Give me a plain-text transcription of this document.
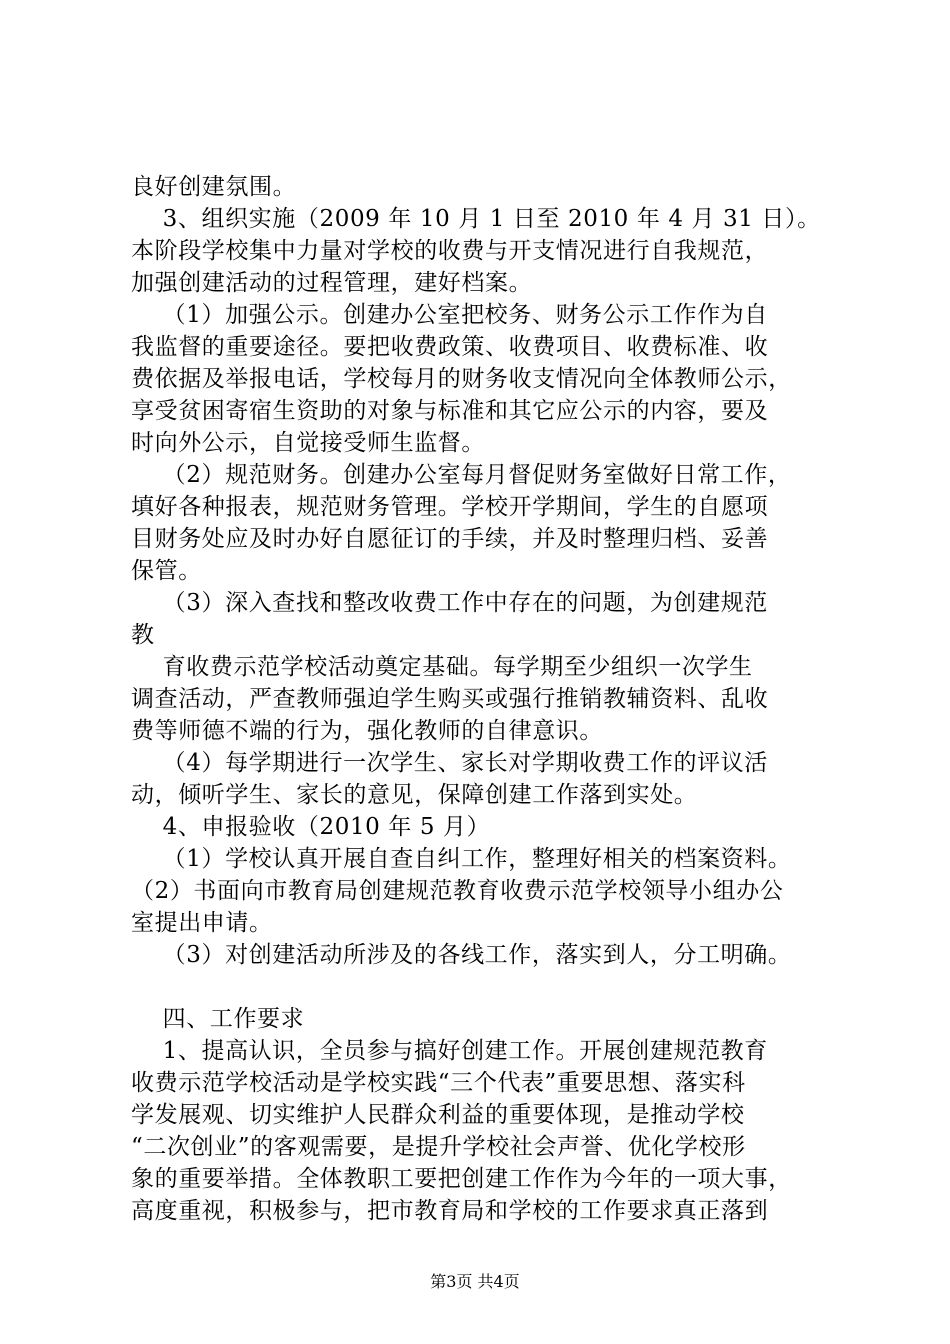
良好创建氛围。
3、组织实施（2009 年 10 月 1 日至 2010 年 4 月 31 日）。
本阶段学校集中力量对学校的收费与开支情况进行自我规范，
加强创建活动的过程管理，建好档案。
（1）加强公示。创建办公室把校务、财务公示工作作为自
我监督的重要途径。要把收费政策、收费项目、收费标准、收
费依据及举报电话，学校每月的财务收支情况向全体教师公示，
享受贫困寄宿生资助的对象与标准和其它应公示的内容，要及
时向外公示，自觉接受师生监督。
（2）规范财务。创建办公室每月督促财务室做好日常工作，
填好各种报表，规范财务管理。学校开学期间，学生的自愿项
目财务处应及时办好自愿征订的手续，并及时整理归档、妥善
保管。
（3）深入查找和整改收费工作中存在的问题，为创建规范
教
育收费示范学校活动奠定基础。每学期至少组织一次学生
调查活动，严查教师强迫学生购买或强行推销教辅资料、乱收
费等师德不端的行为，强化教师的自律意识。
（4）每学期进行一次学生、家长对学期收费工作的评议活
动，倾听学生、家长的意见，保障创建工作落到实处。
4、申报验收（2010 年 5 月）
（1）学校认真开展自查自纠工作，整理好相关的档案资料。
（2）书面向市教育局创建规范教育收费示范学校领导小组办公
室提出申请。
（3）对创建活动所涉及的各线工作，落实到人，分工明确。
四、工作要求
1、提高认识，全员参与搞好创建工作。开展创建规范教育
收费示范学校活动是学校实践“三个代表”重要思想、落实科
学发展观、切实维护人民群众利益的重要体现，是推动学校
“二次创业”的客观需要，是提升学校社会声誉、优化学校形
象的重要举措。全体教职工要把创建工作作为今年的一项大事，
高度重视，积极参与，把市教育局和学校的工作要求真正落到
第3页 共4页
